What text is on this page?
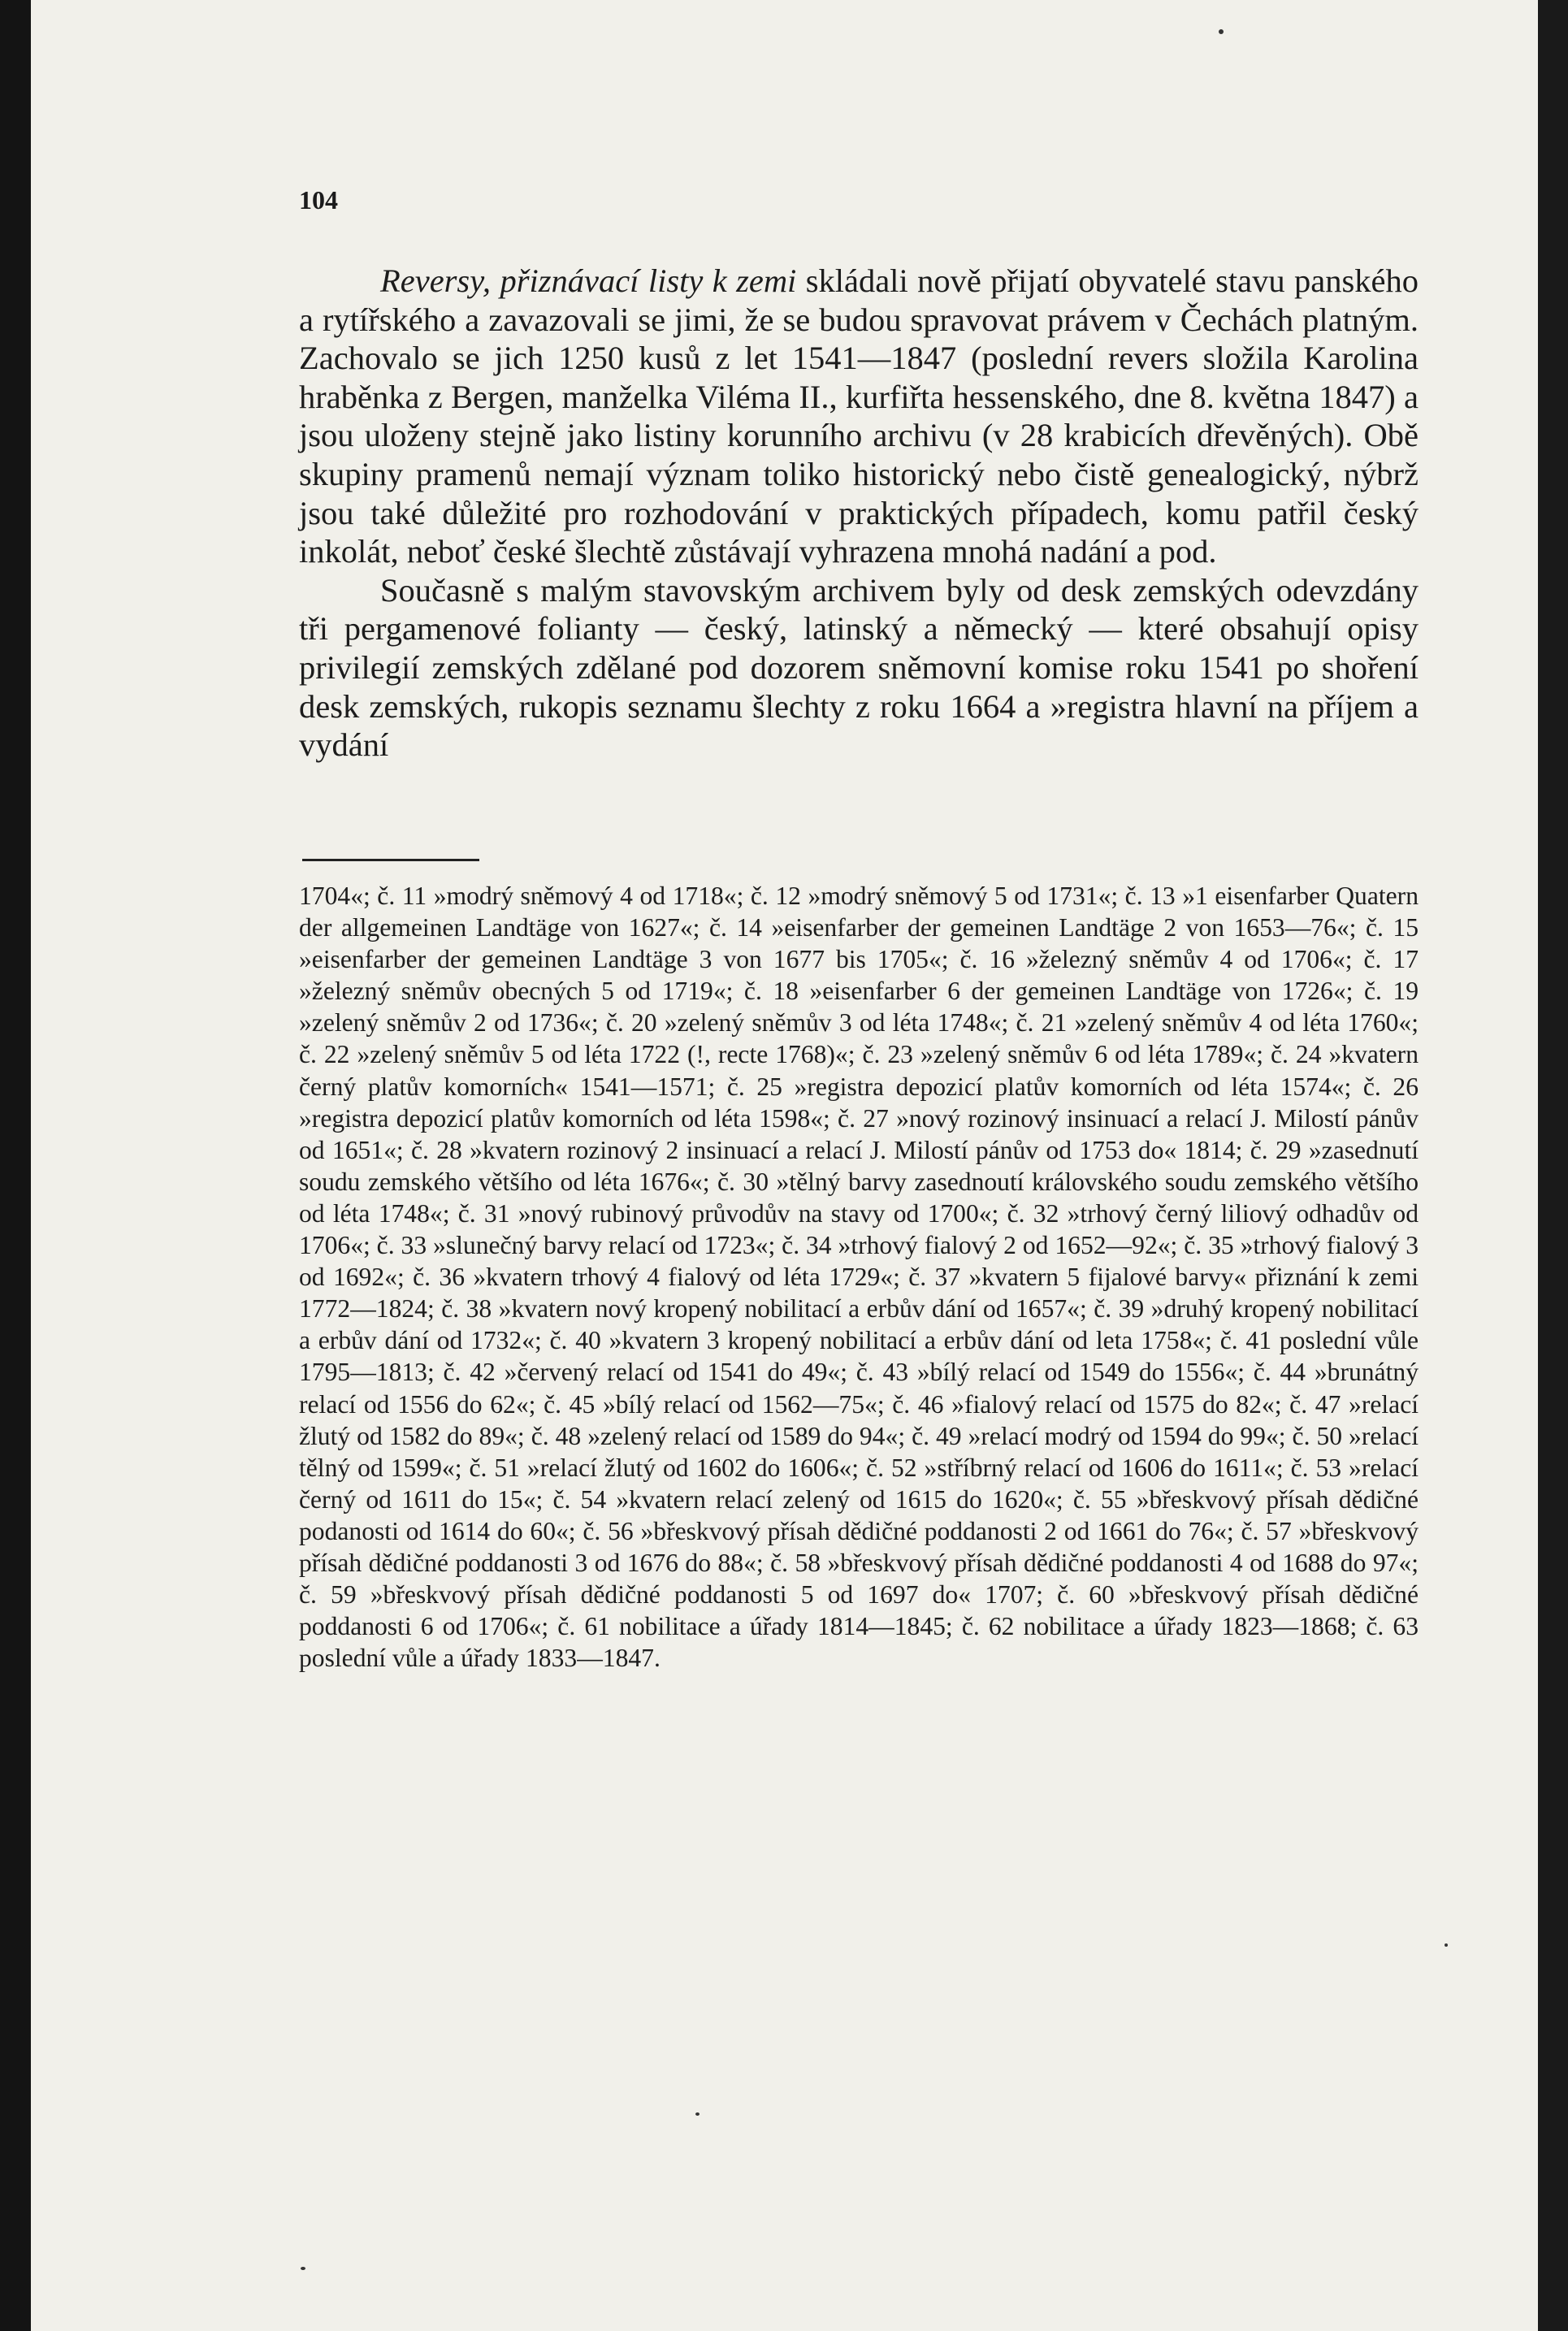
104

Reversy, přiznávací listy k zemi skládali nově přijatí obyvatelé stavu panského a rytířského a zavazovali se jimi, že se budou spravovat právem v Čechách platným. Zachovalo se jich 1250 kusů z let 1541—1847 (poslední revers složila Karolina hraběnka z Bergen, manželka Viléma II., kurfiřta hessenského, dne 8. května 1847) a jsou uloženy stejně jako listiny korunního archivu (v 28 krabicích dřevěných). Obě skupiny pramenů nemají význam toliko historický nebo čistě genealogický, nýbrž jsou také důležité pro rozhodování v praktických případech, komu patřil český inkolát, neboť české šlechtě zůstávají vyhrazena mnohá nadání a pod.

Současně s malým stavovským archivem byly od desk zemských odevzdány tři pergamenové folianty — český, latinský a německý — které obsahují opisy privilegií zemských zdělané pod dozorem sněmovní komise roku 1541 po shoření desk zemských, rukopis seznamu šlechty z roku 1664 a »registra hlavní na příjem a vydání

1704«; č. 11 »modrý sněmový 4 od 1718«; č. 12 »modrý sněmový 5 od 1731«; č. 13 »1 eisenfarber Quatern der allgemeinen Landtäge von 1627«; č. 14 »eisenfarber der gemeinen Landtäge 2 von 1653—76«; č. 15 »eisenfarber der gemeinen Landtäge 3 von 1677 bis 1705«; č. 16 »železný sněmův 4 od 1706«; č. 17 »železný sněmův obecných 5 od 1719«; č. 18 »eisenfarber 6 der gemeinen Landtäge von 1726«; č. 19 »zelený sněmův 2 od 1736«; č. 20 »zelený sněmův 3 od léta 1748«; č. 21 »zelený sněmův 4 od léta 1760«; č. 22 »zelený sněmův 5 od léta 1722 (!, recte 1768)«; č. 23 »zelený sněmův 6 od léta 1789«; č. 24 »kvatern černý platův komorních« 1541—1571; č. 25 »registra depozicí platův komorních od léta 1574«; č. 26 »registra depozicí platův komorních od léta 1598«; č. 27 »nový rozinový insinuací a relací J. Milostí pánův od 1651«; č. 28 »kvatern rozinový 2 insinuací a relací J. Milostí pánův od 1753 do« 1814; č. 29 »zasednutí soudu zemského většího od léta 1676«; č. 30 »tělný barvy zasednoutí královského soudu zemského většího od léta 1748«; č. 31 »nový rubinový průvodův na stavy od 1700«; č. 32 »trhový černý liliový odhadův od 1706«; č. 33 »slunečný barvy relací od 1723«; č. 34 »trhový fialový 2 od 1652—92«; č. 35 »trhový fialový 3 od 1692«; č. 36 »kvatern trhový 4 fialový od léta 1729«; č. 37 »kvatern 5 fijalové barvy« přiznání k zemi 1772—1824; č. 38 »kvatern nový kropený nobilitací a erbův dání od 1657«; č. 39 »druhý kropený nobilitací a erbův dání od 1732«; č. 40 »kvatern 3 kropený nobilitací a erbův dání od leta 1758«; č. 41 poslední vůle 1795—1813; č. 42 »červený relací od 1541 do 49«; č. 43 »bílý relací od 1549 do 1556«; č. 44 »brunátný relací od 1556 do 62«; č. 45 »bílý relací od 1562—75«; č. 46 »fialový relací od 1575 do 82«; č. 47 »relací žlutý od 1582 do 89«; č. 48 »zelený relací od 1589 do 94«; č. 49 »relací modrý od 1594 do 99«; č. 50 »relací tělný od 1599«; č. 51 »relací žlutý od 1602 do 1606«; č. 52 »stříbrný relací od 1606 do 1611«; č. 53 »relací černý od 1611 do 15«; č. 54 »kvatern relací zelený od 1615 do 1620«; č. 55 »břeskvový přísah dědičné podanosti od 1614 do 60«; č. 56 »břeskvový přísah dědičné poddanosti 2 od 1661 do 76«; č. 57 »břeskvový přísah dědičné poddanosti 3 od 1676 do 88«; č. 58 »břeskvový přísah dědičné poddanosti 4 od 1688 do 97«; č. 59 »břeskvový přísah dědičné poddanosti 5 od 1697 do« 1707; č. 60 »břeskvový přísah dědičné poddanosti 6 od 1706«; č. 61 nobilitace a úřady 1814—1845; č. 62 nobilitace a úřady 1823—1868; č. 63 poslední vůle a úřady 1833—1847.
